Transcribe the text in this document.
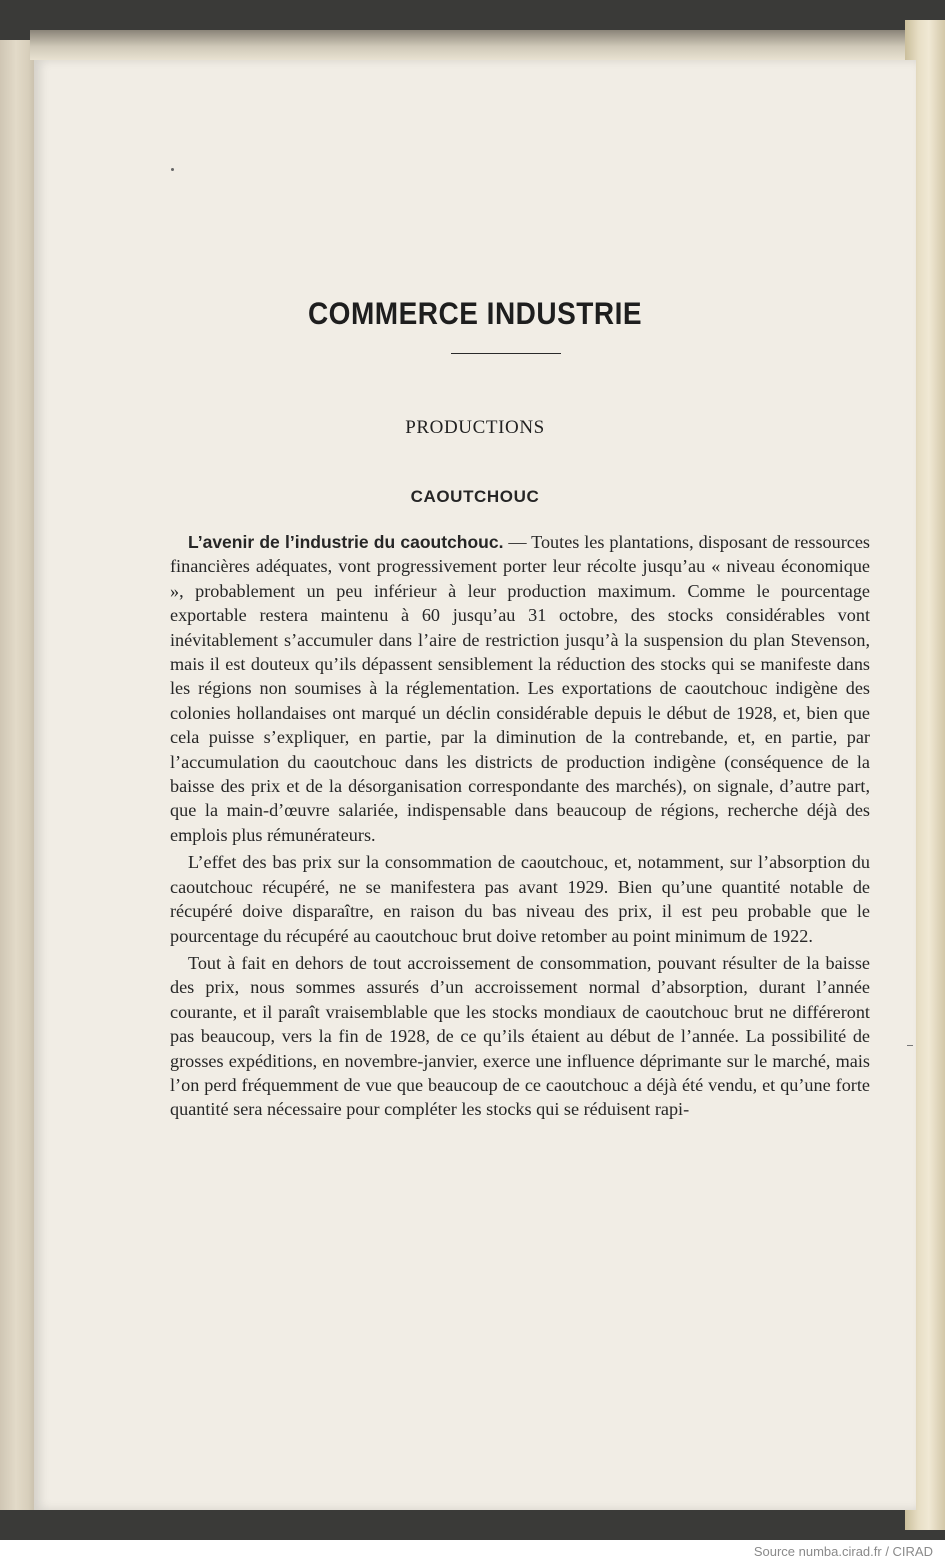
COMMERCE INDUSTRIE
PRODUCTIONS
CAOUTCHOUC

L’avenir de l’industrie du caoutchouc. — Toutes les plantations, disposant de ressources financières adéquates, vont progressivement porter leur récolte jusqu’au « niveau économique », probablement un peu inférieur à leur production maximum. Comme le pourcentage exportable restera maintenu à 60 jusqu’au 31 octobre, des stocks considérables vont inévitablement s’accumuler dans l’aire de restriction jusqu’à la suspension du plan Stevenson, mais il est douteux qu’ils dépassent sensiblement la réduction des stocks qui se manifeste dans les régions non soumises à la réglementation. Les exportations de caoutchouc indigène des colonies hollandaises ont marqué un déclin considérable depuis le début de 1928, et, bien que cela puisse s’expliquer, en partie, par la diminution de la contrebande, et, en partie, par l’accumulation du caoutchouc dans les districts de production indigène (conséquence de la baisse des prix et de la désorganisation correspondante des marchés), on signale, d’autre part, que la main-d’œuvre salariée, indispensable dans beaucoup de régions, recherche déjà des emplois plus rémunérateurs.

L’effet des bas prix sur la consommation de caoutchouc, et, notamment, sur l’absorption du caoutchouc récupéré, ne se manifestera pas avant 1929. Bien qu’une quantité notable de récupéré doive disparaître, en raison du bas niveau des prix, il est peu probable que le pourcentage du récupéré au caoutchouc brut doive retomber au point minimum de 1922.

Tout à fait en dehors de tout accroissement de consommation, pouvant résulter de la baisse des prix, nous sommes assurés d’un accroissement normal d’absorption, durant l’année courante, et il paraît vraisemblable que les stocks mondiaux de caoutchouc brut ne différeront pas beaucoup, vers la fin de 1928, de ce qu’ils étaient au début de l’année. La possibilité de grosses expéditions, en novembre-janvier, exerce une influence déprimante sur le marché, mais l’on perd fréquemment de vue que beaucoup de ce caoutchouc a déjà été vendu, et qu’une forte quantité sera nécessaire pour compléter les stocks qui se réduisent rapi-

Source numba.cirad.fr / CIRAD
